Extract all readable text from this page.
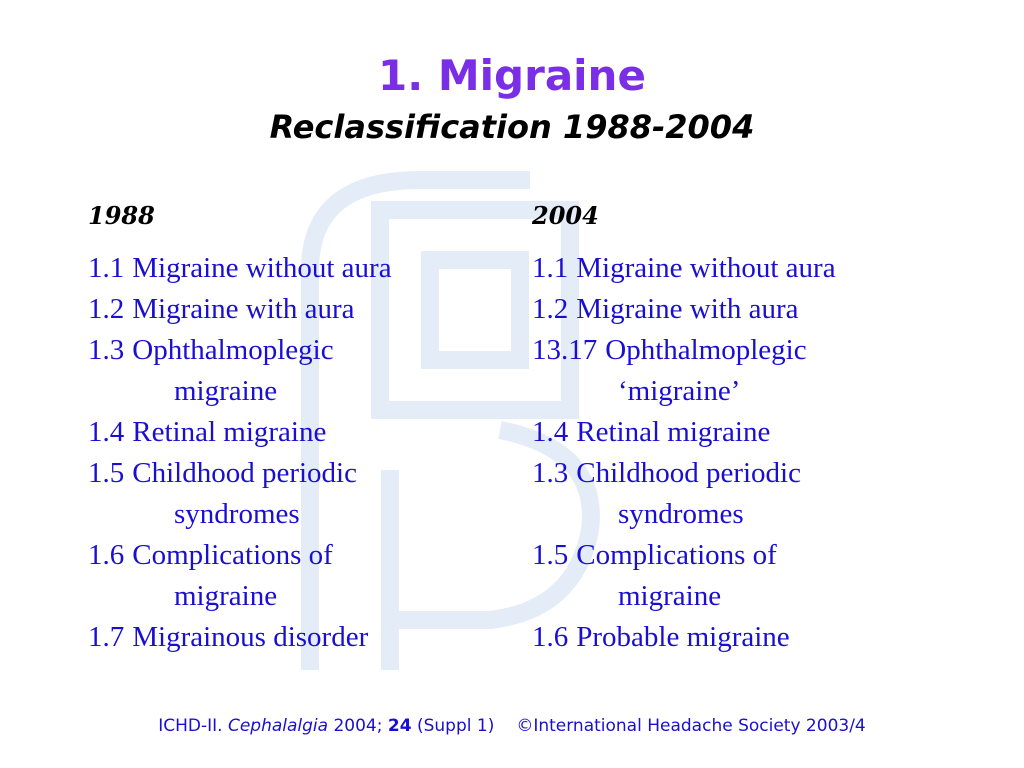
1. Migraine
Reclassification 1988-2004
1988
1.1 Migraine without aura
1.2 Migraine with aura
1.3 Ophthalmoplegic
migraine
1.4 Retinal migraine
1.5 Childhood periodic
syndromes
1.6 Complications of
migraine
1.7 Migrainous disorder
2004
1.1 Migraine without aura
1.2 Migraine with aura
13.17 Ophthalmoplegic
‘migraine’
1.4 Retinal migraine
1.3 Childhood periodic
syndromes
1.5 Complications of
migraine
1.6 Probable migraine
ICHD-II. Cephalalgia 2004; 24 (Suppl 1) ©International Headache Society 2003/4
